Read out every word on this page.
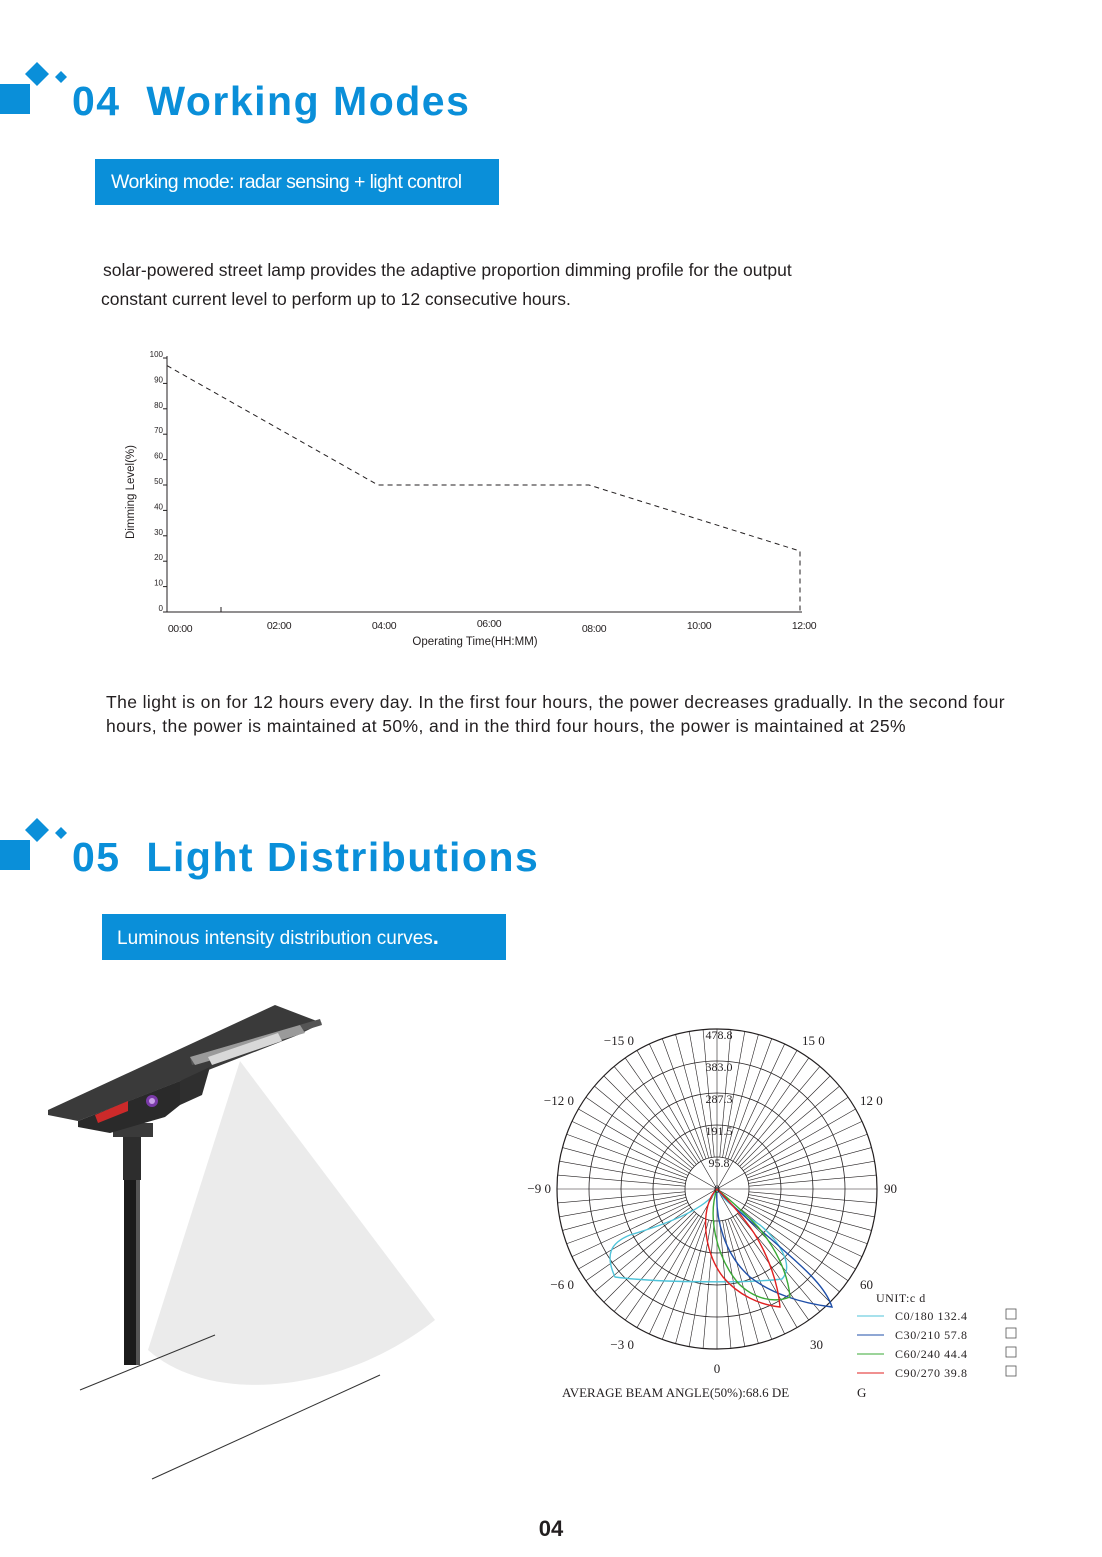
04 Working Modes
Working mode: radar sensing + light control
solar-powered street lamp provides the adaptive proportion dimming profile for the output
constant current level to perform up to 12 consecutive hours.
0
10
20
30
40
50
60
70
80
90
100
00:00	02:00	04:00	06:00	08:00	10:00	12:00
Dimming Level(%)
Operating Time(HH:MM)
The light is on for 12 hours every day. In the first four hours, the power decreases gradually. In the second four hours, the power is maintained at 50%, and in the third four hours, the power is maintained at 25%
05 Light Distributions
Luminous intensity distribution curves.
0
30
60
90
12 0
15 0
−15 0
−12 0
−9 0
−6 0
−3 0
0
95.8
191.5
287.3
383.0
478.8
UNIT:c d
C0/180 132.4
C30/210 57.8
C60/240 44.4
C90/270 39.8
AVERAGE BEAM ANGLE(50%):68.6 DE	G
04
